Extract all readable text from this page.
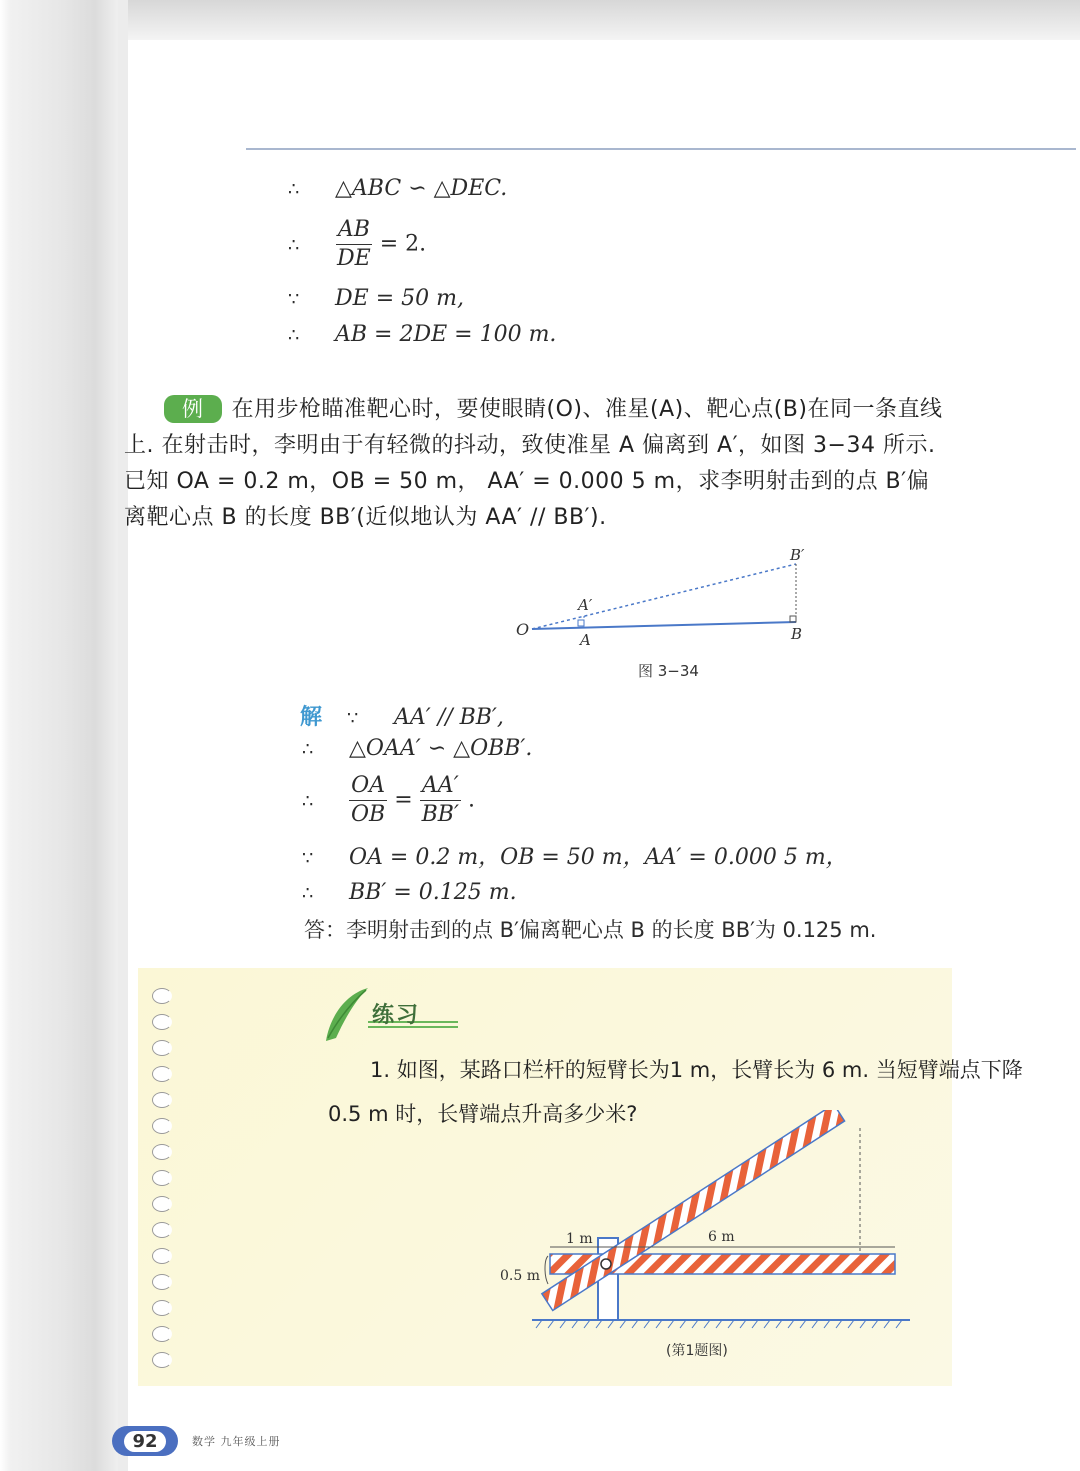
∴ △ABC ∽ △DEC.
∴ $\frac{AB}{DE} = 2$.
∵ DE = 50 m,
∴ AB = 2DE = 100 m.
例 在用步枪瞄准靶心时，要使眼睛(O)、准星(A)、靶心点(B)在同一条直线上. 在射击时，李明由于有轻微的抖动，致使准星 A 偏离到 A′，如图 3−34 所示. 已知 OA = 0.2 m，OB = 50 m， AA′ = 0.000 5 m，求李明射击到的点 B′偏离靶心点 B 的长度 BB′(近似地认为 AA′ // BB′).
O
A
A′
B
B′
图 3−34
解 ∵ AA′ // BB′,
∴ △OAA′ ∽ △OBB′.
∴ $\frac{OA}{OB} = \frac{AA'}{BB'}$ .
∵ OA = 0.2 m，OB = 50 m，AA′ = 0.000 5 m，
∴ BB′ = 0.125 m.
答：李明射击到的点 B′偏离靶心点 B 的长度 BB′为 0.125 m.
练习
1. 如图，某路口栏杆的短臂长为1 m，长臂长为 6 m. 当短臂端点下降
0.5 m 时，长臂端点升高多少米?
1 m	6 m
0.5 m
(第1题图)
92	数学 九年级上册
